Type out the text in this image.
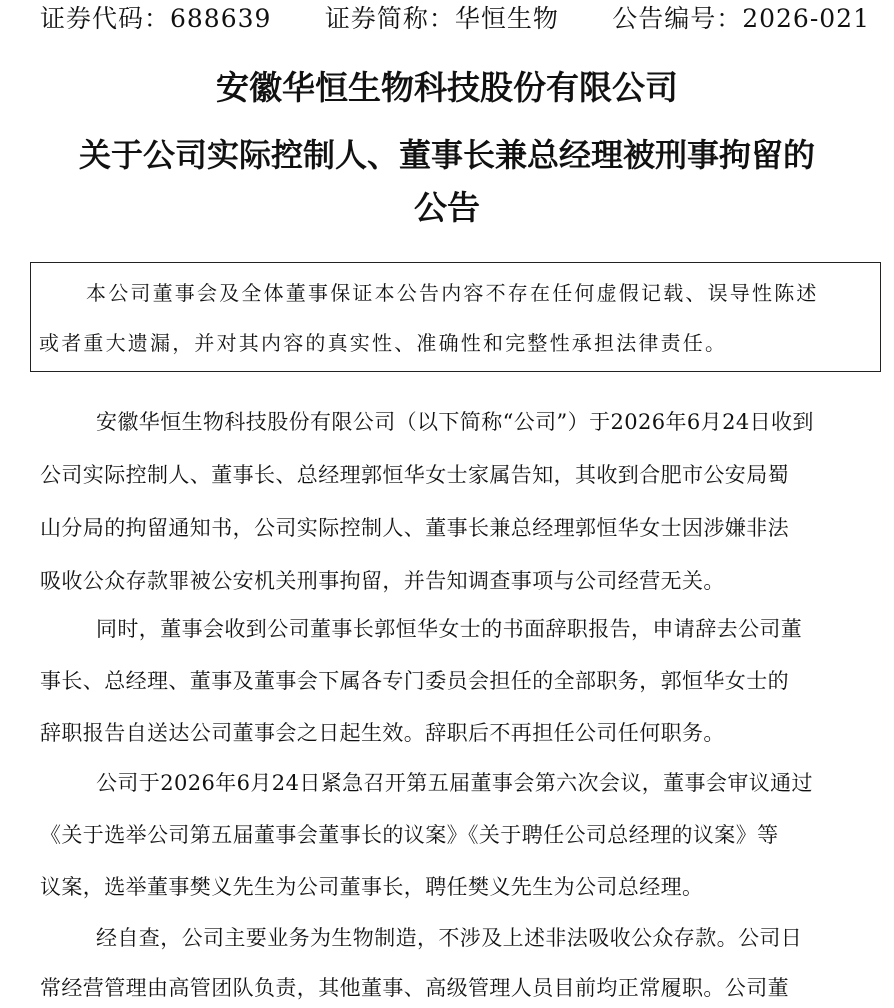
证券代码：688639 证券简称：华恒生物 公告编号：2026-021
安徽华恒生物科技股份有限公司
关于公司实际控制人、董事长兼总经理被刑事拘留的
公告
本公司董事会及全体董事保证本公告内容不存在任何虚假记载、误导性陈述
或者重大遗漏，并对其内容的真实性、准确性和完整性承担法律责任。
安徽华恒生物科技股份有限公司（以下简称“公司”）于2026年6月24日收到
公司实际控制人、董事长、总经理郭恒华女士家属告知，其收到合肥市公安局蜀
山分局的拘留通知书，公司实际控制人、董事长兼总经理郭恒华女士因涉嫌非法
吸收公众存款罪被公安机关刑事拘留，并告知调查事项与公司经营无关。
同时，董事会收到公司董事长郭恒华女士的书面辞职报告，申请辞去公司董
事长、总经理、董事及董事会下属各专门委员会担任的全部职务，郭恒华女士的
辞职报告自送达公司董事会之日起生效。辞职后不再担任公司任何职务。
公司于2026年6月24日紧急召开第五届董事会第六次会议，董事会审议通过
《关于选举公司第五届董事会董事长的议案》《关于聘任公司总经理的议案》等
议案，选举董事樊义先生为公司董事长，聘任樊义先生为公司总经理。
经自查，公司主要业务为生物制造，不涉及上述非法吸收公众存款。公司日
常经营管理由高管团队负责，其他董事、高级管理人员目前均正常履职。公司董
